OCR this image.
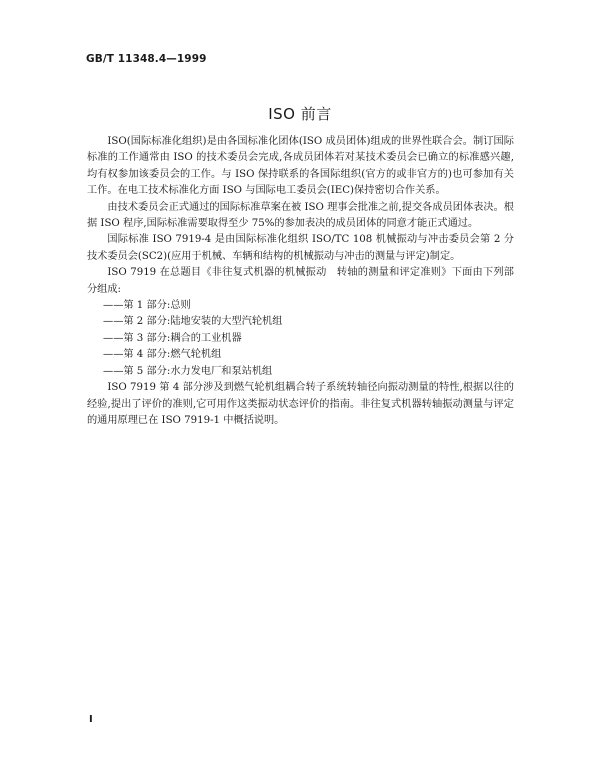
GB/T 11348.4—1999
ISO 前言

ISO(国际标准化组织)是由各国标准化团体(ISO 成员团体)组成的世界性联合会。制订国际标准的工作通常由 ISO 的技术委员会完成,各成员团体若对某技术委员会已确立的标准感兴趣,均有权参加该委员会的工作。与 ISO 保持联系的各国际组织(官方的或非官方的)也可参加有关工作。在电工技术标准化方面 ISO 与国际电工委员会(IEC)保持密切合作关系。

由技术委员会正式通过的国际标准草案在被 ISO 理事会批准之前,提交各成员团体表决。根据 ISO 程序,国际标准需要取得至少 75%的参加表决的成员团体的同意才能正式通过。

国际标准 ISO 7919-4 是由国际标准化组织 ISO/TC 108 机械振动与冲击委员会第 2 分技术委员会(SC2)(应用于机械、车辆和结构的机械振动与冲击的测量与评定)制定。

ISO 7919 在总题目《非往复式机器的机械振动　转轴的测量和评定准则》下面由下列部分组成:

——第 1 部分:总则
——第 2 部分:陆地安装的大型汽轮机组
——第 3 部分:耦合的工业机器
——第 4 部分:燃气轮机组
——第 5 部分:水力发电厂和泵站机组

ISO 7919 第 4 部分涉及到燃气轮机组耦合转子系统转轴径向振动测量的特性,根据以往的经验,提出了评价的准则,它可用作这类振动状态评价的指南。非往复式机器转轴振动测量与评定的通用原理已在 ISO 7919-1 中概括说明。

I
